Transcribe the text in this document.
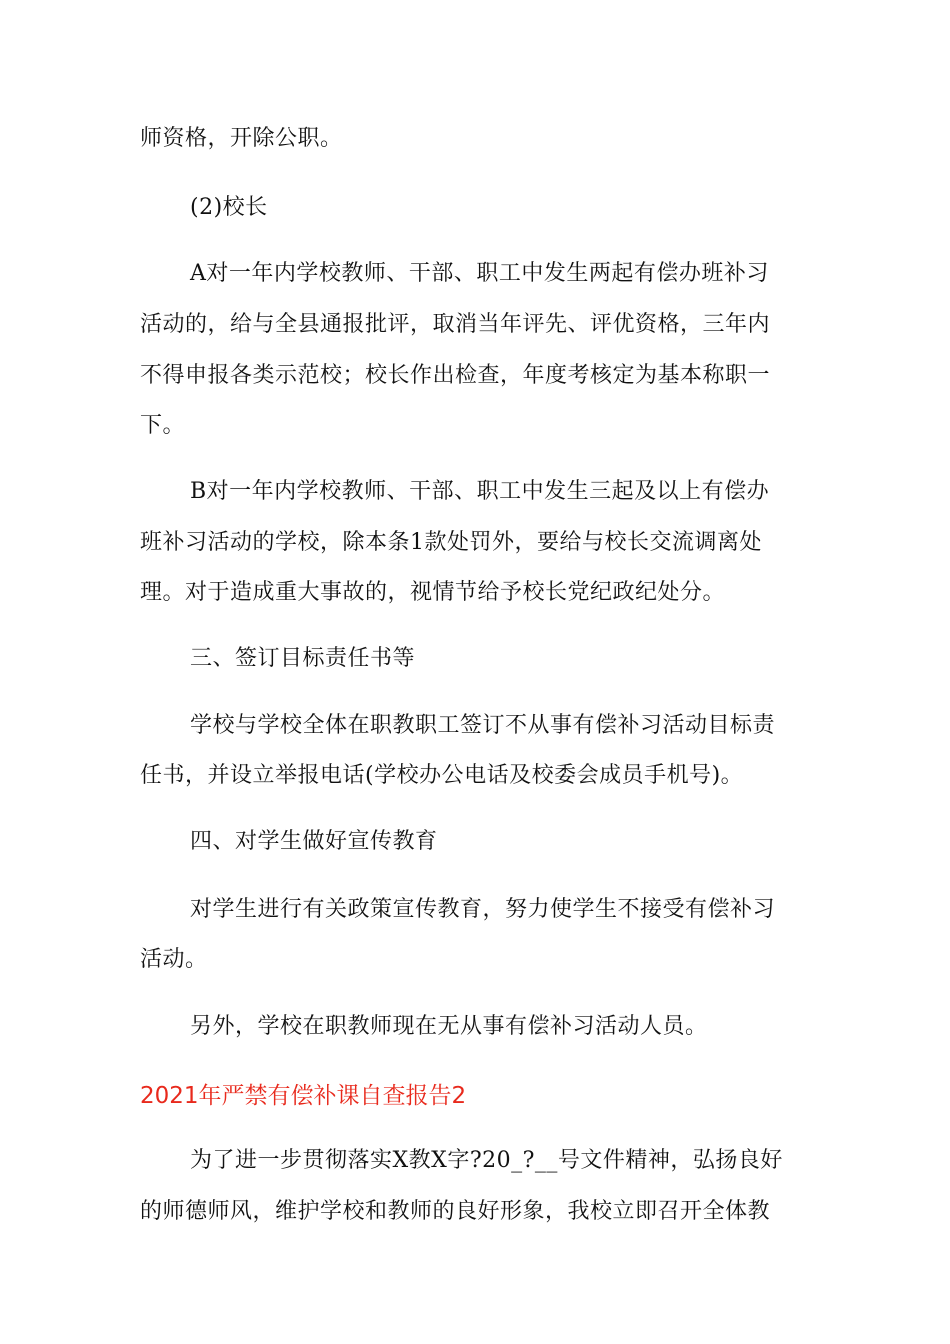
师资格，开除公职。
(2)校长
A对一年内学校教师、干部、职工中发生两起有偿办班补习
活动的，给与全县通报批评，取消当年评先、评优资格，三年内
不得申报各类示范校；校长作出检查，年度考核定为基本称职一
下。
B对一年内学校教师、干部、职工中发生三起及以上有偿办
班补习活动的学校，除本条1款处罚外，要给与校长交流调离处
理。对于造成重大事故的，视情节给予校长党纪政纪处分。
三、签订目标责任书等
学校与学校全体在职教职工签订不从事有偿补习活动目标责
任书，并设立举报电话(学校办公电话及校委会成员手机号)。
四、对学生做好宣传教育
对学生进行有关政策宣传教育，努力使学生不接受有偿补习
活动。
另外，学校在职教师现在无从事有偿补习活动人员。
2021年严禁有偿补课自查报告2
为了进一步贯彻落实X教X字?20_?__号文件精神，弘扬良好
的师德师风，维护学校和教师的良好形象，我校立即召开全体教
